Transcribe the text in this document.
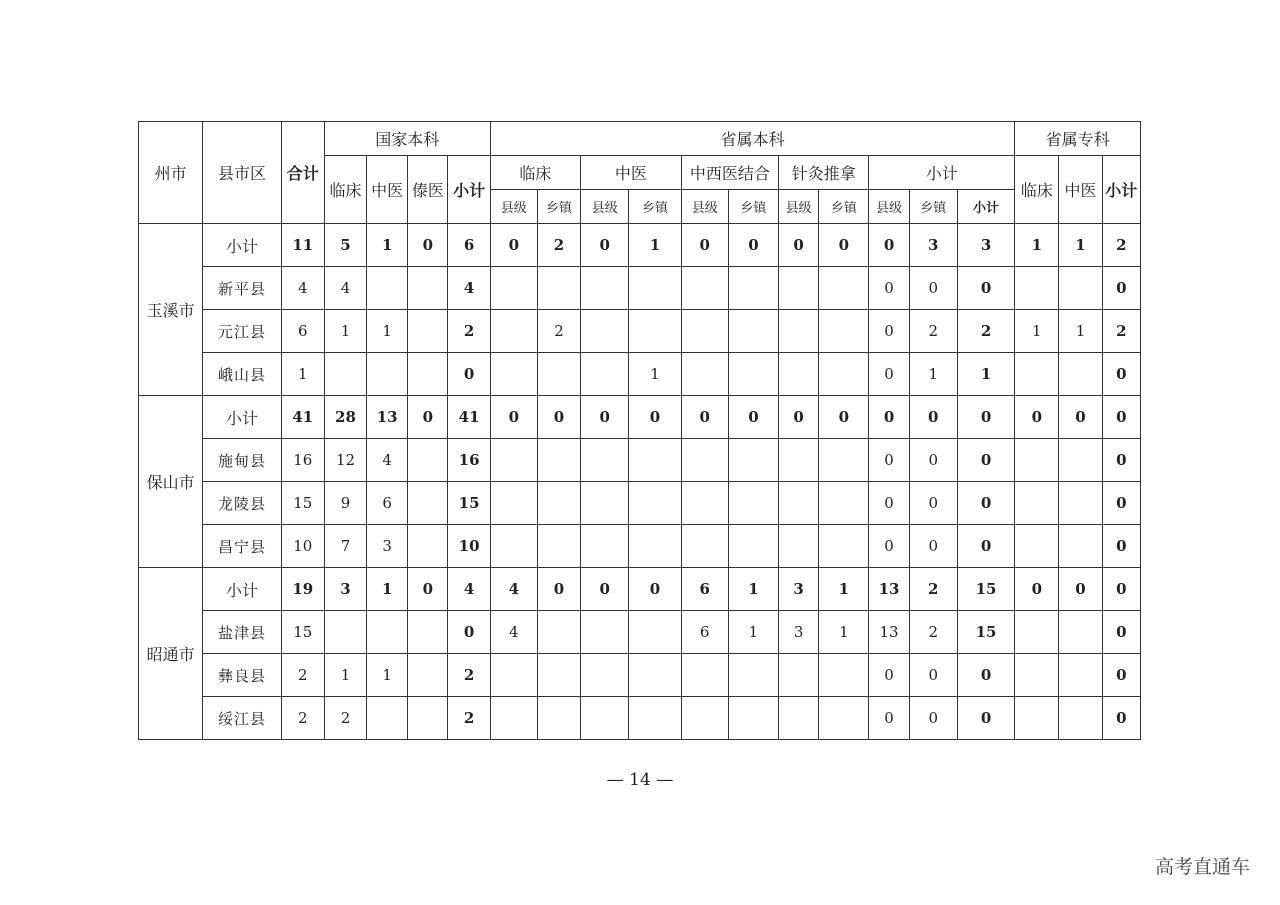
州市	县市区	合计	国家本科				省属本科											省属专科		
			临床	中医	傣医	小计	临床		中医		中西医结合		针灸推拿		小计			临床	中医	小计
							县级	乡镇	县级	乡镇	县级	乡镇	县级	乡镇	县级	乡镇	小计			
玉溪市	小计	11	5	1	0	6	0	2	0	1	0	0	0	0	0	3	3	1	1	2
	新平县	4	4			4									0	0	0			0
	元江县	6	1	1		2		2							0	2	2	1	1	2
	峨山县	1				0				1					0	1	1			0
保山市	小计	41	28	13	0	41	0	0	0	0	0	0	0	0	0	0	0	0	0	0
	施甸县	16	12	4		16									0	0	0			0
	龙陵县	15	9	6		15									0	0	0			0
	昌宁县	10	7	3		10									0	0	0			0
昭通市	小计	19	3	1	0	4	4	0	0	0	6	1	3	1	13	2	15	0	0	0
	盐津县	15				0	4				6	1	3	1	13	2	15			0
	彝良县	2	1	1		2									0	0	0			0
	绥江县	2	2			2									0	0	0			0
— 14 —
高考直通车
